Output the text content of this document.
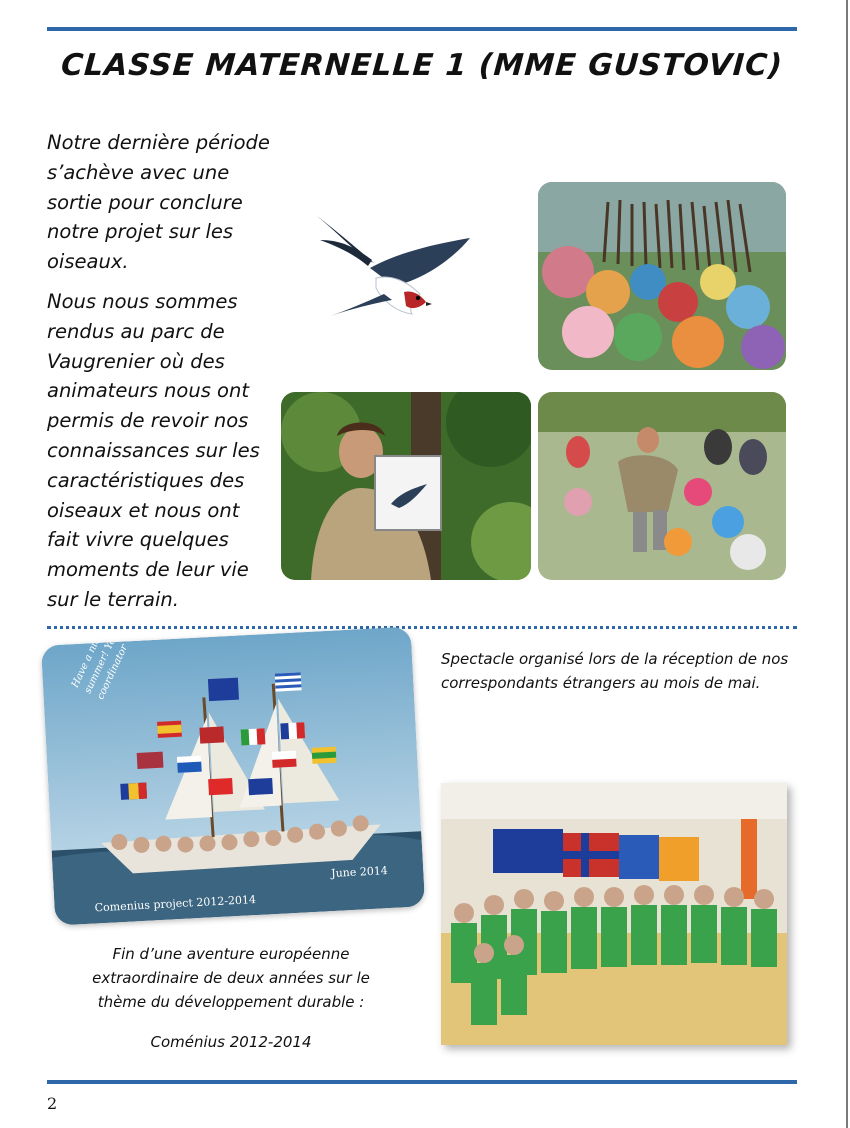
CLASSE MATERNELLE 1 (MME GUSTOVIC)

Notre dernière période s’achève avec une sortie pour conclure notre projet sur les oiseaux.

Nous nous sommes rendus au parc de Vaugrenier où des animateurs nous ont permis de revoir nos connaissances sur les caractéristiques des oiseaux et nous ont fait vivre quelques moments de leur vie sur le terrain.

Have a nice summer! Your coordinator
June 2014
Comenius project 2012-2014
Spectacle organisé lors de la réception de nos correspondants étrangers au mois de mai.
Fin d’une aventure européenne extraordinaire de deux années sur le thème du développement durable :
Coménius 2012-2014
2
